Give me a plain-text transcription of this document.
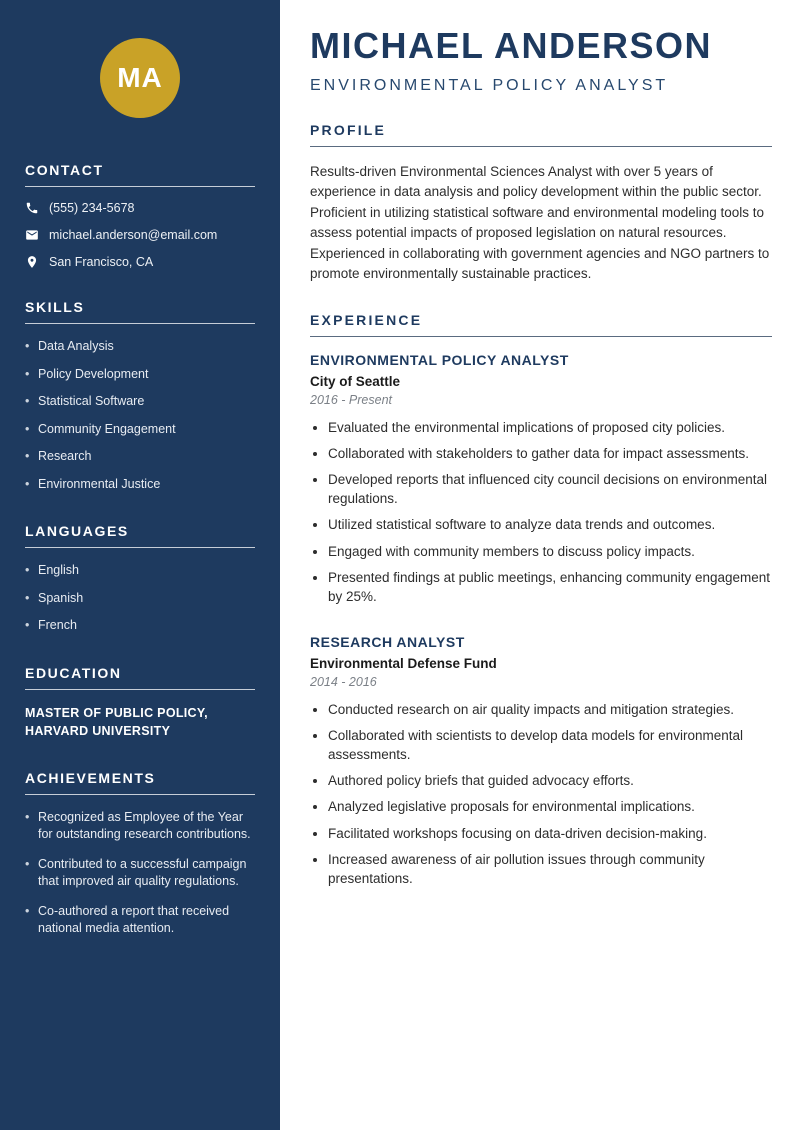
MA
CONTACT
(555) 234-5678
michael.anderson@email.com
San Francisco, CA
SKILLS
• Data Analysis
• Policy Development
• Statistical Software
• Community Engagement
• Research
• Environmental Justice
LANGUAGES
• English
• Spanish
• French
EDUCATION
MASTER OF PUBLIC POLICY, HARVARD UNIVERSITY
ACHIEVEMENTS
• Recognized as Employee of the Year for outstanding research contributions.
• Contributed to a successful campaign that improved air quality regulations.
• Co-authored a report that received national media attention.
MICHAEL ANDERSON
ENVIRONMENTAL POLICY ANALYST
PROFILE

Results-driven Environmental Sciences Analyst with over 5 years of experience in data analysis and policy development within the public sector. Proficient in utilizing statistical software and environmental modeling tools to assess potential impacts of proposed legislation on natural resources. Experienced in collaborating with government agencies and NGO partners to promote environmentally sustainable practices.

EXPERIENCE
ENVIRONMENTAL POLICY ANALYST
City of Seattle
2016 - Present
• Evaluated the environmental implications of proposed city policies.
• Collaborated with stakeholders to gather data for impact assessments.
• Developed reports that influenced city council decisions on environmental regulations.
• Utilized statistical software to analyze data trends and outcomes.
• Engaged with community members to discuss policy impacts.
• Presented findings at public meetings, enhancing community engagement by 25%.
RESEARCH ANALYST
Environmental Defense Fund
2014 - 2016
• Conducted research on air quality impacts and mitigation strategies.
• Collaborated with scientists to develop data models for environmental assessments.
• Authored policy briefs that guided advocacy efforts.
• Analyzed legislative proposals for environmental implications.
• Facilitated workshops focusing on data-driven decision-making.
• Increased awareness of air pollution issues through community presentations.
